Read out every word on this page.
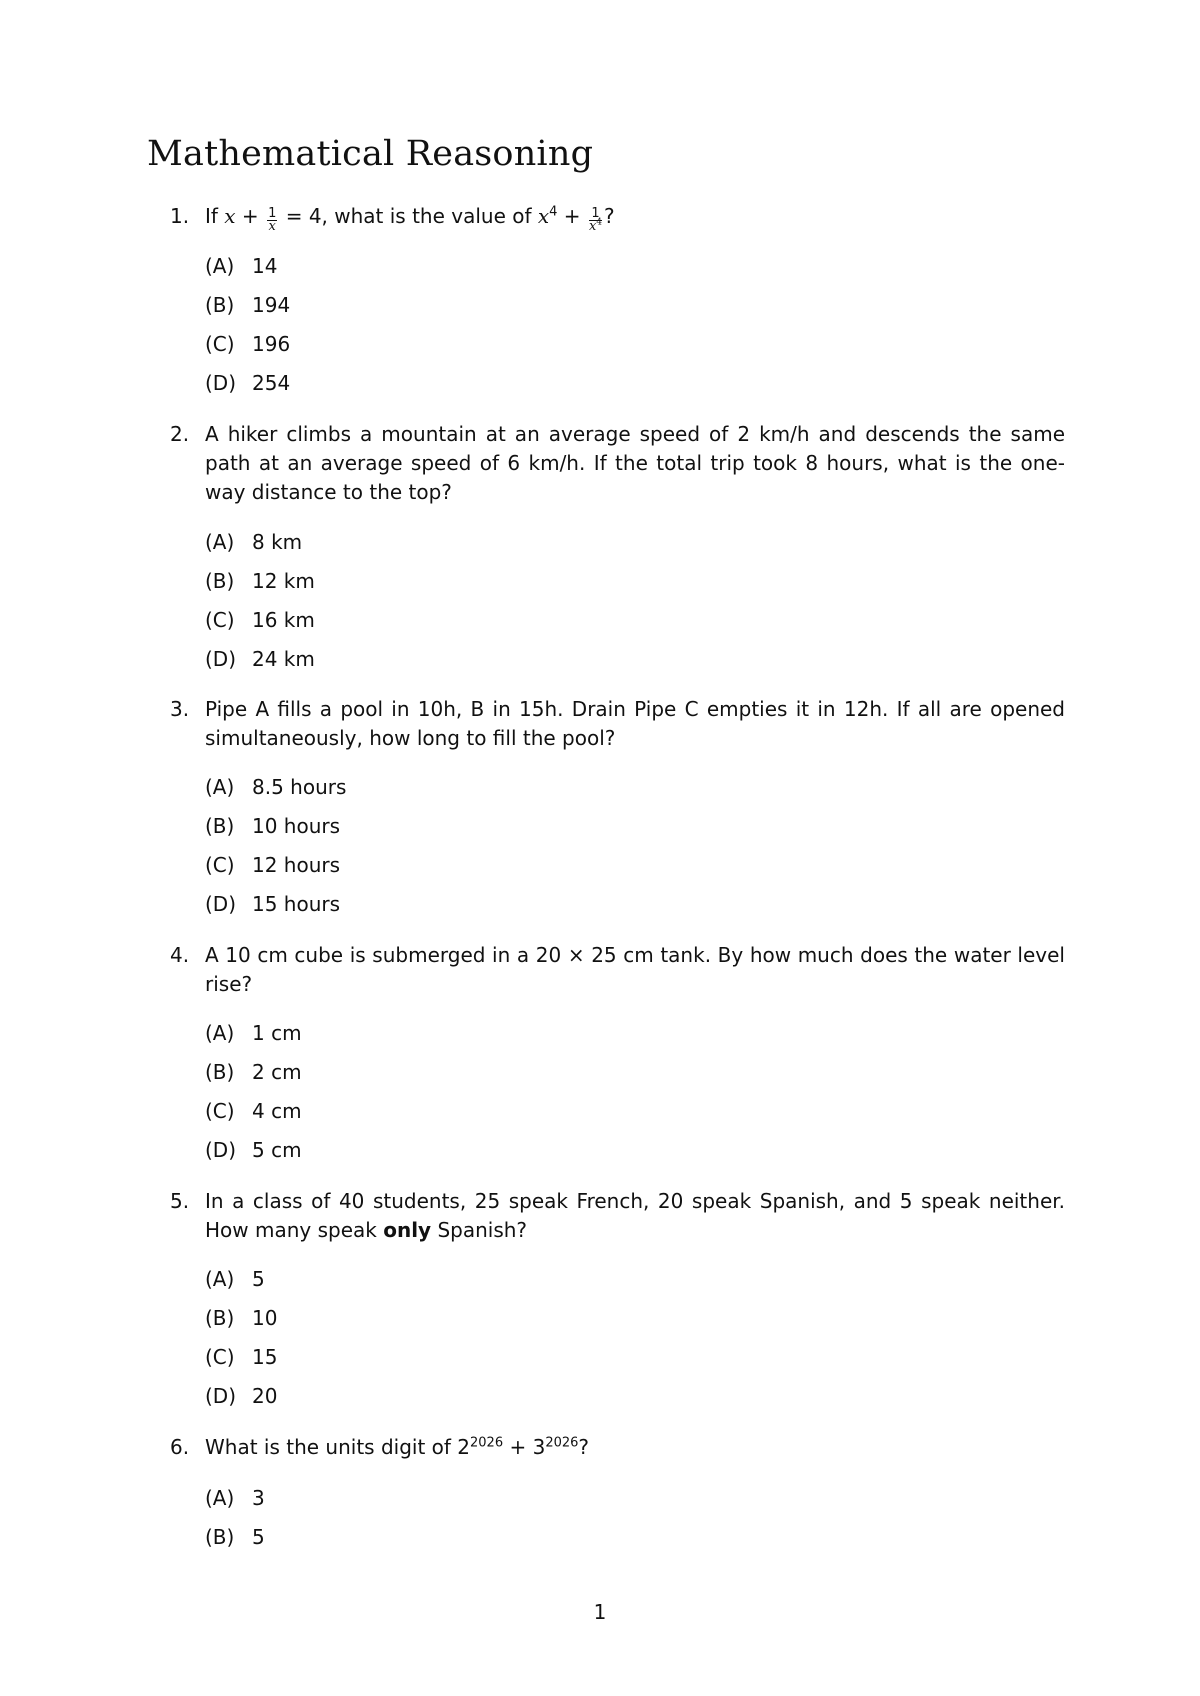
Mathematical Reasoning
1. If $x + \frac{1}{x} = 4$, what is the value of $x^4 + \frac{1}{x^4}$ ?
(A) 14
(B) 194
(C) 196
(D) 254
2. A hiker climbs a mountain at an average speed of 2 km/h and descends the same path at an average speed of 6 km/h. If the total trip took 8 hours, what is the one-way distance to the top?
(A) 8 km
(B) 12 km
(C) 16 km
(D) 24 km
3. Pipe A fills a pool in 10h, B in 15h. Drain Pipe C empties it in 12h. If all are opened simultaneously, how long to fill the pool?
(A) 8.5 hours
(B) 10 hours
(C) 12 hours
(D) 15 hours
4. A 10 cm cube is submerged in a 20 × 25 cm tank. By how much does the water level rise?
(A) 1 cm
(B) 2 cm
(C) 4 cm
(D) 5 cm
5. In a class of 40 students, 25 speak French, 20 speak Spanish, and 5 speak neither. How many speak only Spanish?
(A) 5
(B) 10
(C) 15
(D) 20
6. What is the units digit of $2^{2026} + 3^{2026}$?
(A) 3
(B) 5
1
